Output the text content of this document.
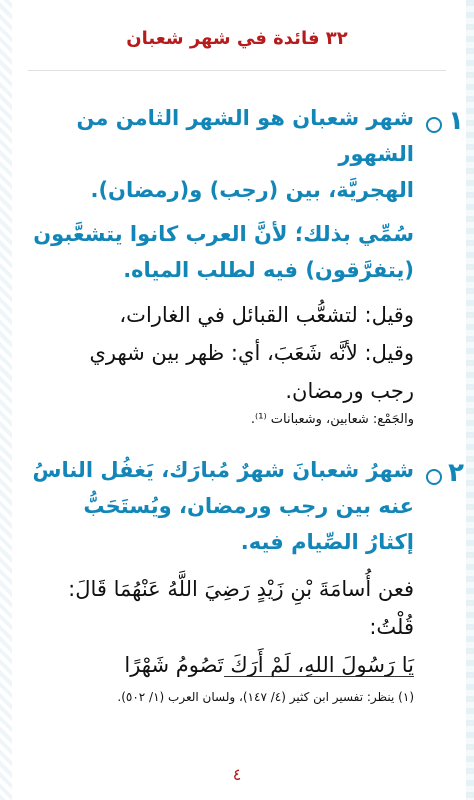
٣٢ فائدة في شهر شعبان
١
شهر شعبان هو الشهر الثامن من الشهور
الهجريَّة، بين (رجب) و(رمضان).
سُمِّي بذلك؛ لأنَّ العرب كانوا يتشعَّبون
(يتفرَّقون) فيه لطلب المياه.
وقيل: لتشعُّب القبائل في الغارات،
وقيل: لأنَّه شَعَبَ، أي: ظهر بين شهري
رجب ورمضان.
والجَمْع: شعابين، وشعبانات ⁽¹⁾.
٢
شهرُ شعبانَ شهرٌ مُبارَك، يَغفُل الناسُ
عنه بين رجب ورمضان، ويُستَحَبُّ
إكثارُ الصِّيام فيه.
فعن أُسامَةَ بْنِ زَيْدٍ رَضِيَ اللَّهُ عَنْهُمَا قَالَ: قُلْتُ:
يَا رَسُولَ اللهِ، لَمْ أَرَكَ تَصُومُ شَهْرًا
(١) ينظر: تفسير ابن كثير (٤/ ١٤٧)، ولسان العرب (١/ ٥٠٢).
٤
